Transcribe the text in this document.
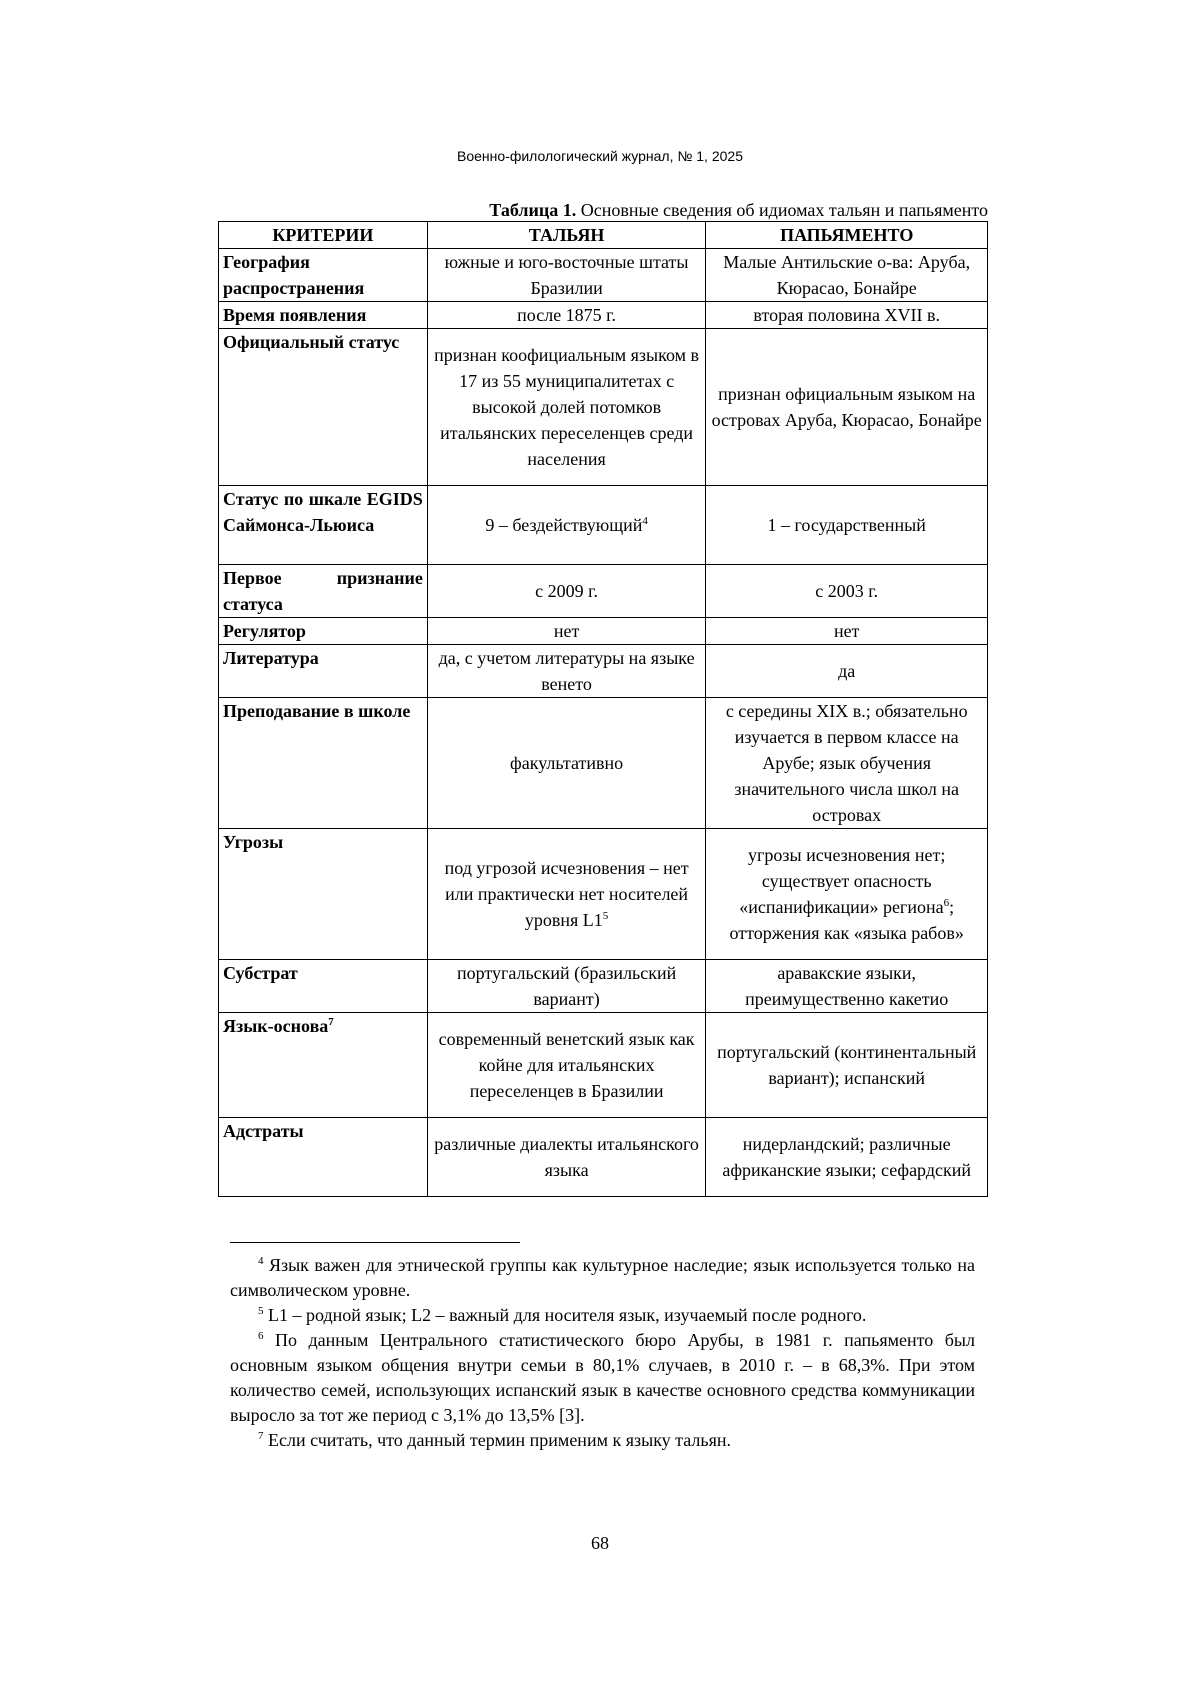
Военно-филологический журнал, № 1, 2025
Таблица 1. Основные сведения об идиомах тальян и папьяменто
КРИТЕРИИ	ТАЛЬЯН	ПАПЬЯМЕНТО
География распространения	южные и юго-восточные штаты Бразилии	Малые Антильские о-ва: Аруба, Кюрасао, Бонайре
Время появления	после 1875 г.	вторая половина XVII в.
Официальный статус	признан коофициальным языком в 17 из 55 муниципалитетах с высокой долей потомков итальянских переселенцев среди населения	признан официальным языком на островах Аруба, Кюрасао, Бонайре
Статус по шкале EGIDS Саймонса-Льюиса	9 – бездействующий$^4$	1 – государственный
Первое признание статуса	с 2009 г.	с 2003 г.
Регулятор	нет	нет
Литература	да, с учетом литературы на языке венето	да
Преподавание в школе	факультативно	с середины XIX в.; обязательно изучается в первом классе на Арубе; язык обучения значительного числа школ на островах
Угрозы	под угрозой исчезновения – нет или практически нет носителей уровня $L1^5$	угрозы исчезновения нет; существует опасность «испанификации» региона$^6$; отторжения как «языка рабов»
Субстрат	португальский (бразильский вариант)	аравакские языки, преимущественно какетио
Язык-основа$^7$	современный венетский язык как койне для итальянских переселенцев в Бразилии	португальский (континентальный вариант); испанский
Адстраты	различные диалекты итальянского языка	нидерландский; различные африканские языки; сефардский

$^4$ Язык важен для этнической группы как культурное наследие; язык используется только на символическом уровне.

$^5$ L1 – родной язык; L2 – важный для носителя язык, изучаемый после родного.

$^6$ По данным Центрального статистического бюро Арубы, в 1981 г. папьяменто был основным языком общения внутри семьи в 80,1% случаев, в 2010 г. – в 68,3%. При этом количество семей, использующих испанский язык в качестве основного средства коммуникации выросло за тот же период с 3,1% до 13,5% [3].

$^7$ Если считать, что данный термин применим к языку тальян.

68
